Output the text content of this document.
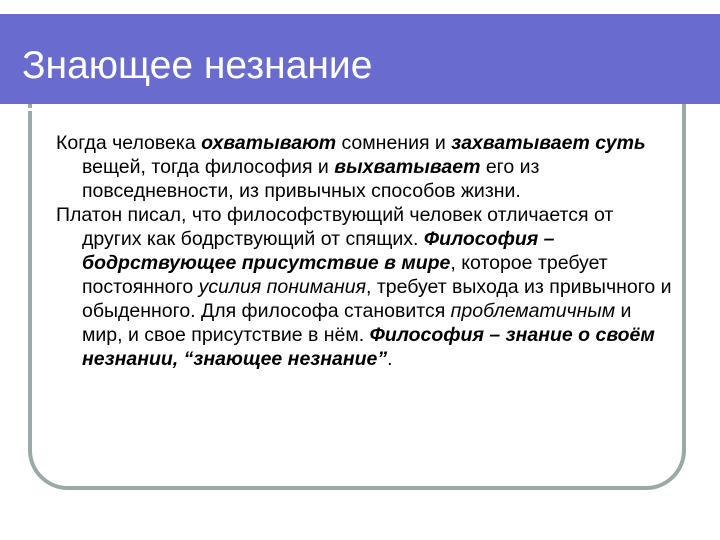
Знающее незнание

Когда человека охватывают сомнения и захватывает суть вещей, тогда философия и выхватывает его из повседневности, из привычных способов жизни.

Платон писал, что философствующий человек отличается от других как бодрствующий от спящих. Философия – бодрствующее присутствие в мире, которое требует постоянного усилия понимания, требует выхода из привычного и обыденного. Для философа становится проблематичным и мир, и свое присутствие в нём. Философия – знание о своём незнании, “знающее незнание”.
